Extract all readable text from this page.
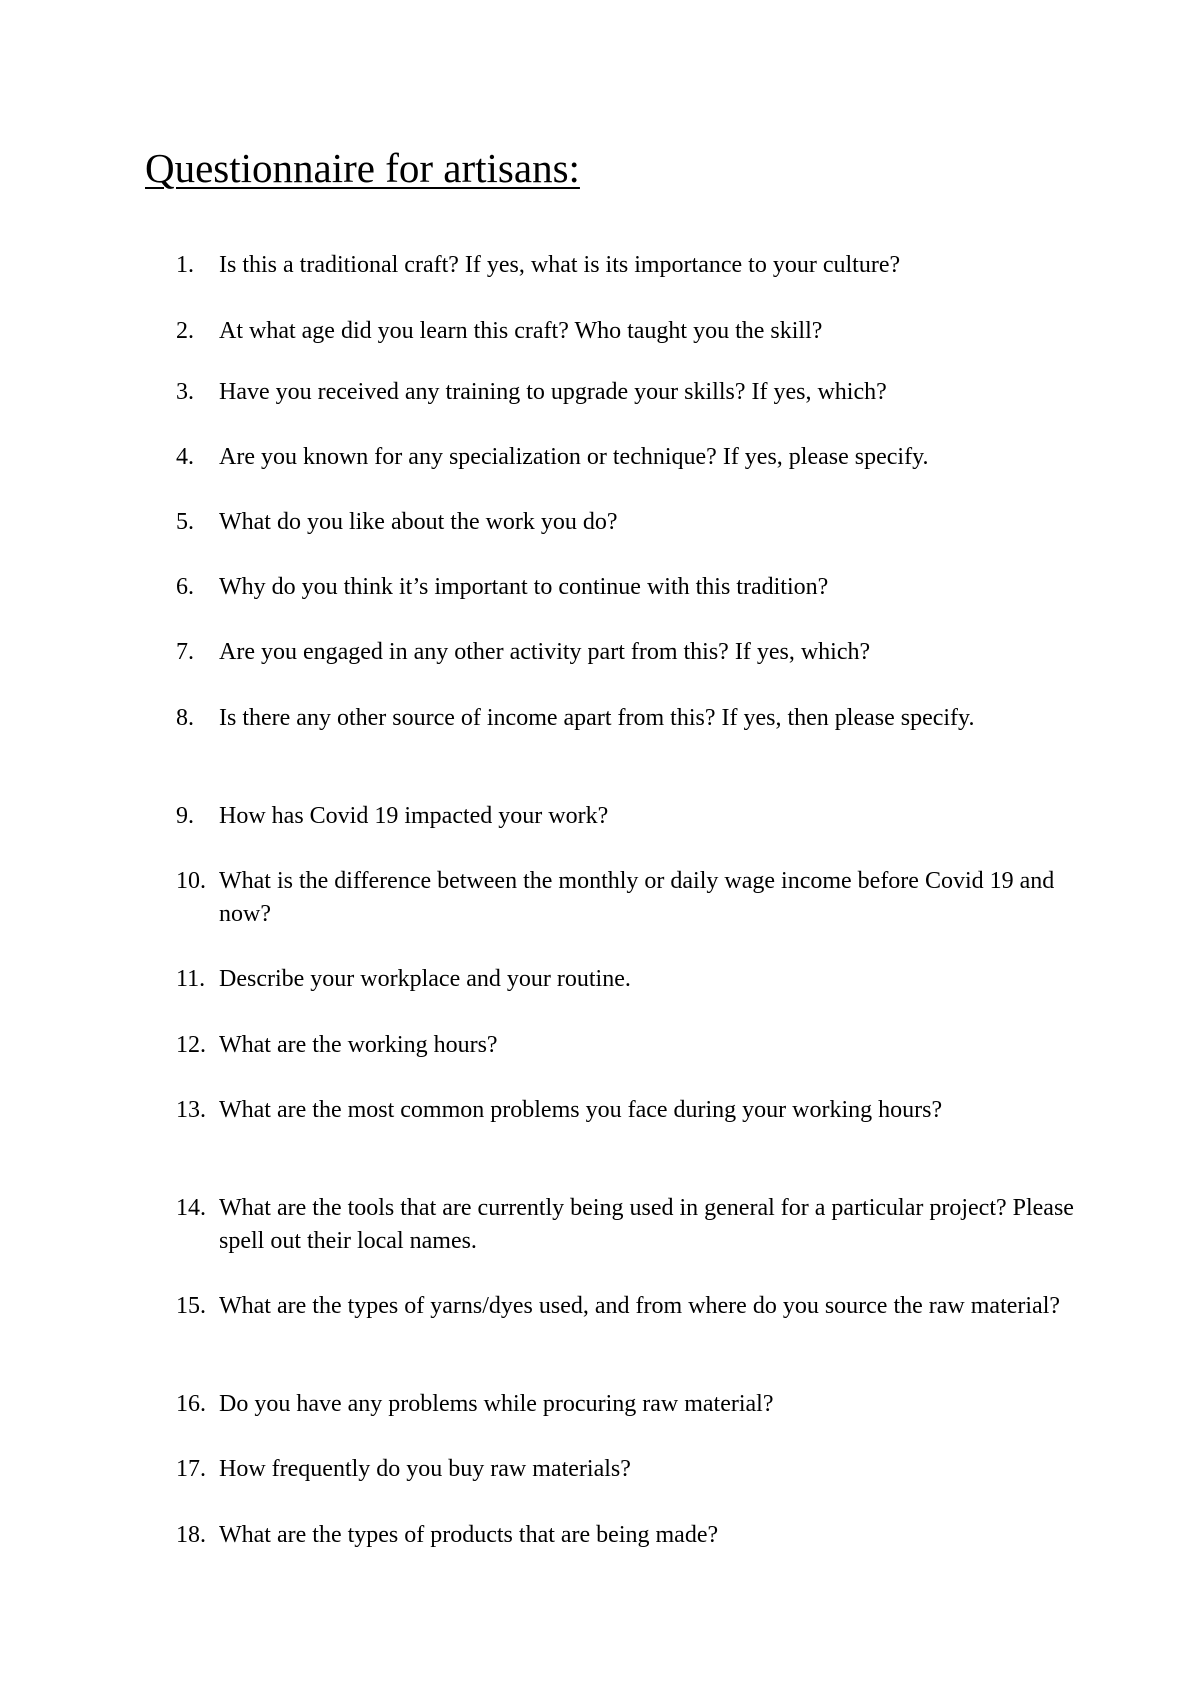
Questionnaire for artisans:
1. Is this a traditional craft? If yes, what is its importance to your culture?
2. At what age did you learn this craft? Who taught you the skill?
3. Have you received any training to upgrade your skills? If yes, which?
4. Are you known for any specialization or technique? If yes, please specify.
5. What do you like about the work you do?
6. Why do you think it’s important to continue with this tradition?
7. Are you engaged in any other activity part from this? If yes, which?
8. Is there any other source of income apart from this? If yes, then please specify.
9. How has Covid 19 impacted your work?
10. What is the difference between the monthly or daily wage income before Covid 19 and now?
11. Describe your workplace and your routine.
12. What are the working hours?
13. What are the most common problems you face during your working hours?
14. What are the tools that are currently being used in general for a particular project? Please spell out their local names.
15. What are the types of yarns/dyes used, and from where do you source the raw material?
16. Do you have any problems while procuring raw material?
17. How frequently do you buy raw materials?
18. What are the types of products that are being made?
